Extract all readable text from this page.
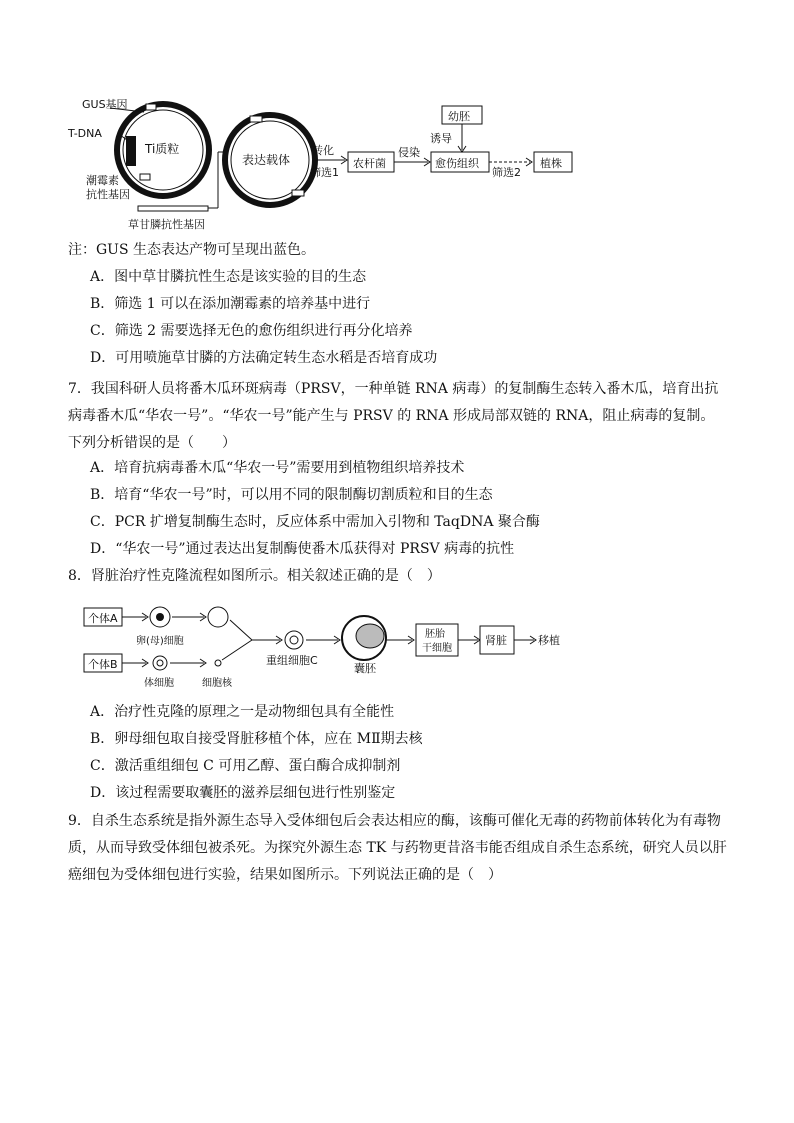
GUS基因
T-DNA
Ti质粒
潮霉素
抗性基因
草甘膦抗性基因
表达载体
转化
筛选1
农杆菌
侵染
愈伤组织
幼胚
诱导
筛选2
植株
注：GUS 生态表达产物可呈现出蓝色。
A．图中草甘膦抗性生态是该实验的目的生态
B．筛选 1 可以在添加潮霉素的培养基中进行
C．筛选 2 需要选择无色的愈伤组织进行再分化培养
D．可用喷施草甘膦的方法确定转生态水稻是否培育成功
7．我国科研人员将番木瓜环斑病毒（PRSV，一种单链 RNA 病毒）的复制酶生态转入番木瓜，培育出抗病毒番木瓜“华农一号”。“华农一号”能产生与 PRSV 的 RNA 形成局部双链的 RNA，阻止病毒的复制。下列分析错误的是（　　）
A．培育抗病毒番木瓜“华农一号”需要用到植物组织培养技术
B．培育“华农一号”时，可以用不同的限制酶切割质粒和目的生态
C．PCR 扩增复制酶生态时，反应体系中需加入引物和 TaqDNA 聚合酶
D．“华农一号”通过表达出复制酶使番木瓜获得对 PRSV 病毒的抗性
8．肾脏治疗性克隆流程如图所示。相关叙述正确的是（　）
个体A
卵(母)细胞
个体B
体细胞	细胞核
重组细胞C
囊胚
胚胎
干细胞
肾脏	移植
A．治疗性克隆的原理之一是动物细包具有全能性
B．卵母细包取自接受肾脏移植个体，应在 MⅡ期去核
C．激活重组细包 C 可用乙醇、蛋白酶合成抑制剂
D．该过程需要取囊胚的滋养层细包进行性别鉴定
9．自杀生态系统是指外源生态导入受体细包后会表达相应的酶，该酶可催化无毒的药物前体转化为有毒物质，从而导致受体细包被杀死。为探究外源生态 TK 与药物更昔洛韦能否组成自杀生态系统，研究人员以肝癌细包为受体细包进行实验，结果如图所示。下列说法正确的是（　）
